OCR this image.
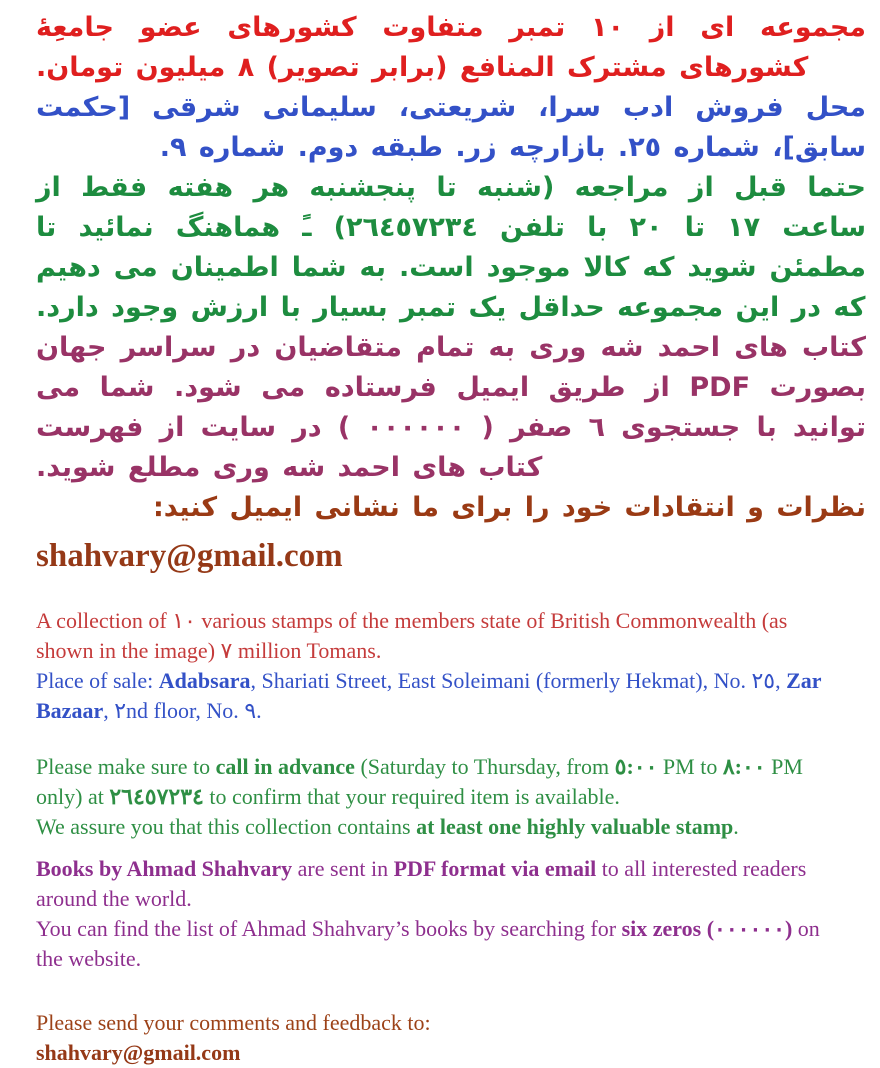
مجموعه ای از ١٠ تمبر متفاوت کشورهای عضو جامعِۀ کشورهای مشترک المنافع (برابر تصویر) ٨ میلیون تومان.

محل فروش ادب سرا، شریعتی، سلیمانی شرقی [حکمت سابق]، شماره ٢٥. بازارچه زر. طبقه دوم. شماره ٩.

حتما قبل از مراجعه (شنبه تا پنجشنبه هر هفته فقط از ساعت ١٧ تا ٢٠ با تلفن ٢٦٤٥٧٢٣٤) ـً هماهنگ نمائید تا مطمئن شوید که کالا موجود است. به شما اطمینان می دهیم که در این مجموعه حداقل یک تمبر بسیار با ارزش وجود دارد.

کتاب های احمد شه وری به تمام متقاضیان در سراسر جهان بصورت PDF از طریق ایمیل فرستاده می شود. شما می توانید با جستجوی ٦ صفر ( ٠٠٠٠٠٠ ) در سایت از فهرست کتاب های احمد شه وری مطلع شوید.

نظرات و انتقادات خود را برای ما نشانی ایمیل کنید:

shahvary@gmail.com

A collection of ١٠ various stamps of the members state of British Commonwealth (as shown in the image) ٧ million Tomans.

Place of sale: Adabsara, Shariati Street, East Soleimani (formerly Hekmat), No. ٢٥, Zar Bazaar, ٢nd floor, No. ٩.

Please make sure to call in advance (Saturday to Thursday, from ٥:٠٠ PM to ٨:٠٠ PM only) at ٢٦٤٥٧٢٣٤ to confirm that your required item is available.

We assure you that this collection contains at least one highly valuable stamp.

Books by Ahmad Shahvary are sent in PDF format via email to all interested readers around the world.

You can find the list of Ahmad Shahvary’s books by searching for six zeros (٠٠٠٠٠٠) on the website.

Please send your comments and feedback to:

shahvary@gmail.com
